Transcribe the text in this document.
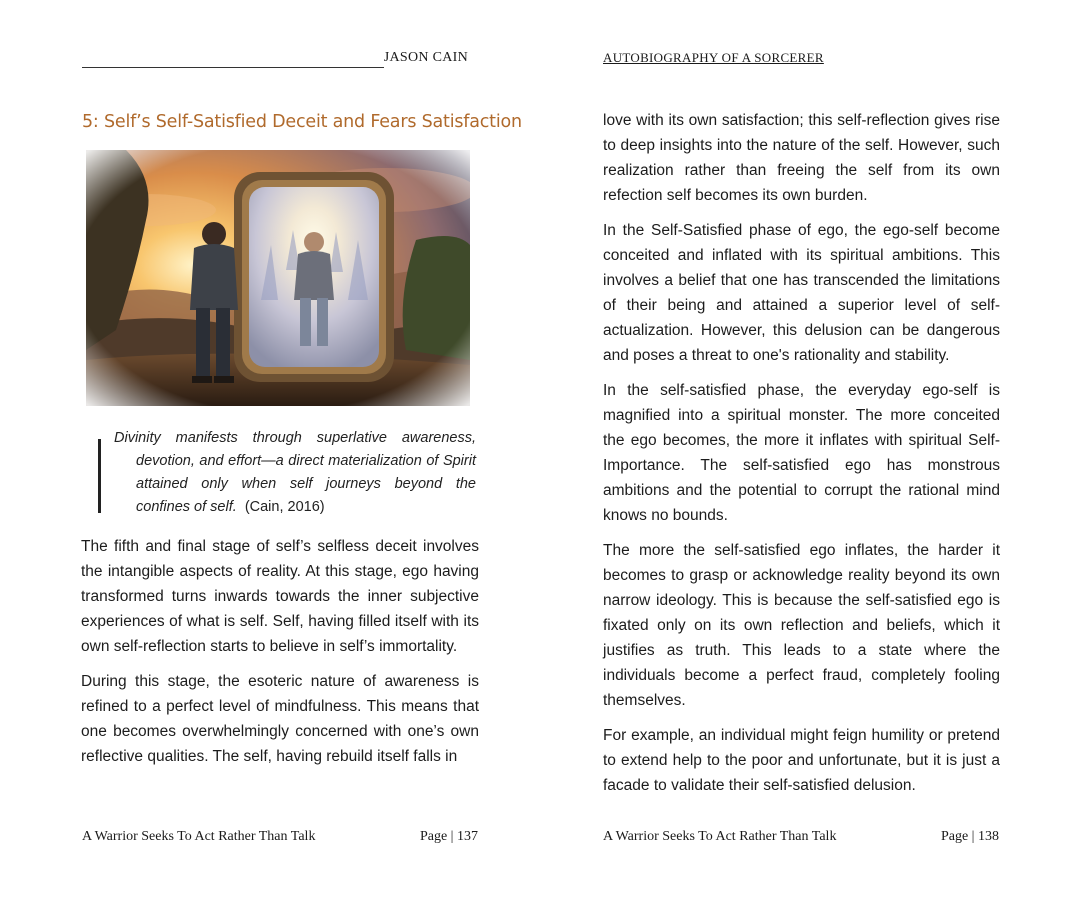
JASON CAIN
5: Self’s Self-Satisfied Deceit and Fears Satisfaction

Divinity manifests through superlative awareness, devotion, and effort—a direct materialization of Spirit attained only when self journeys beyond the confines of self. (Cain, 2016)

The fifth and final stage of self’s selfless deceit involves the intangible aspects of reality. At this stage, ego having transformed turns inwards towards the inner subjective experiences of what is self. Self, having filled itself with its own self-reflection starts to believe in self’s immortality.

During this stage, the esoteric nature of awareness is refined to a perfect level of mindfulness. This means that one becomes overwhelmingly concerned with one’s own reflective qualities. The self, having rebuild itself falls in

A Warrior Seeks To Act Rather Than Talk	Page | 137
AUTOBIOGRAPHY OF A SORCERER

love with its own satisfaction; this self-reflection gives rise to deep insights into the nature of the self. However, such realization rather than freeing the self from its own refection self becomes its own burden.

In the Self-Satisfied phase of ego, the ego-self become conceited and inflated with its spiritual ambitions. This involves a belief that one has transcended the limitations of their being and attained a superior level of self-actualization. However, this delusion can be dangerous and poses a threat to one's rationality and stability.

In the self-satisfied phase, the everyday ego-self is magnified into a spiritual monster. The more conceited the ego becomes, the more it inflates with spiritual Self-Importance. The self-satisfied ego has monstrous ambitions and the potential to corrupt the rational mind knows no bounds.

The more the self-satisfied ego inflates, the harder it becomes to grasp or acknowledge reality beyond its own narrow ideology. This is because the self-satisfied ego is fixated only on its own reflection and beliefs, which it justifies as truth. This leads to a state where the individuals become a perfect fraud, completely fooling themselves.

For example, an individual might feign humility or pretend to extend help to the poor and unfortunate, but it is just a facade to validate their self-satisfied delusion.

A Warrior Seeks To Act Rather Than Talk	Page | 138
